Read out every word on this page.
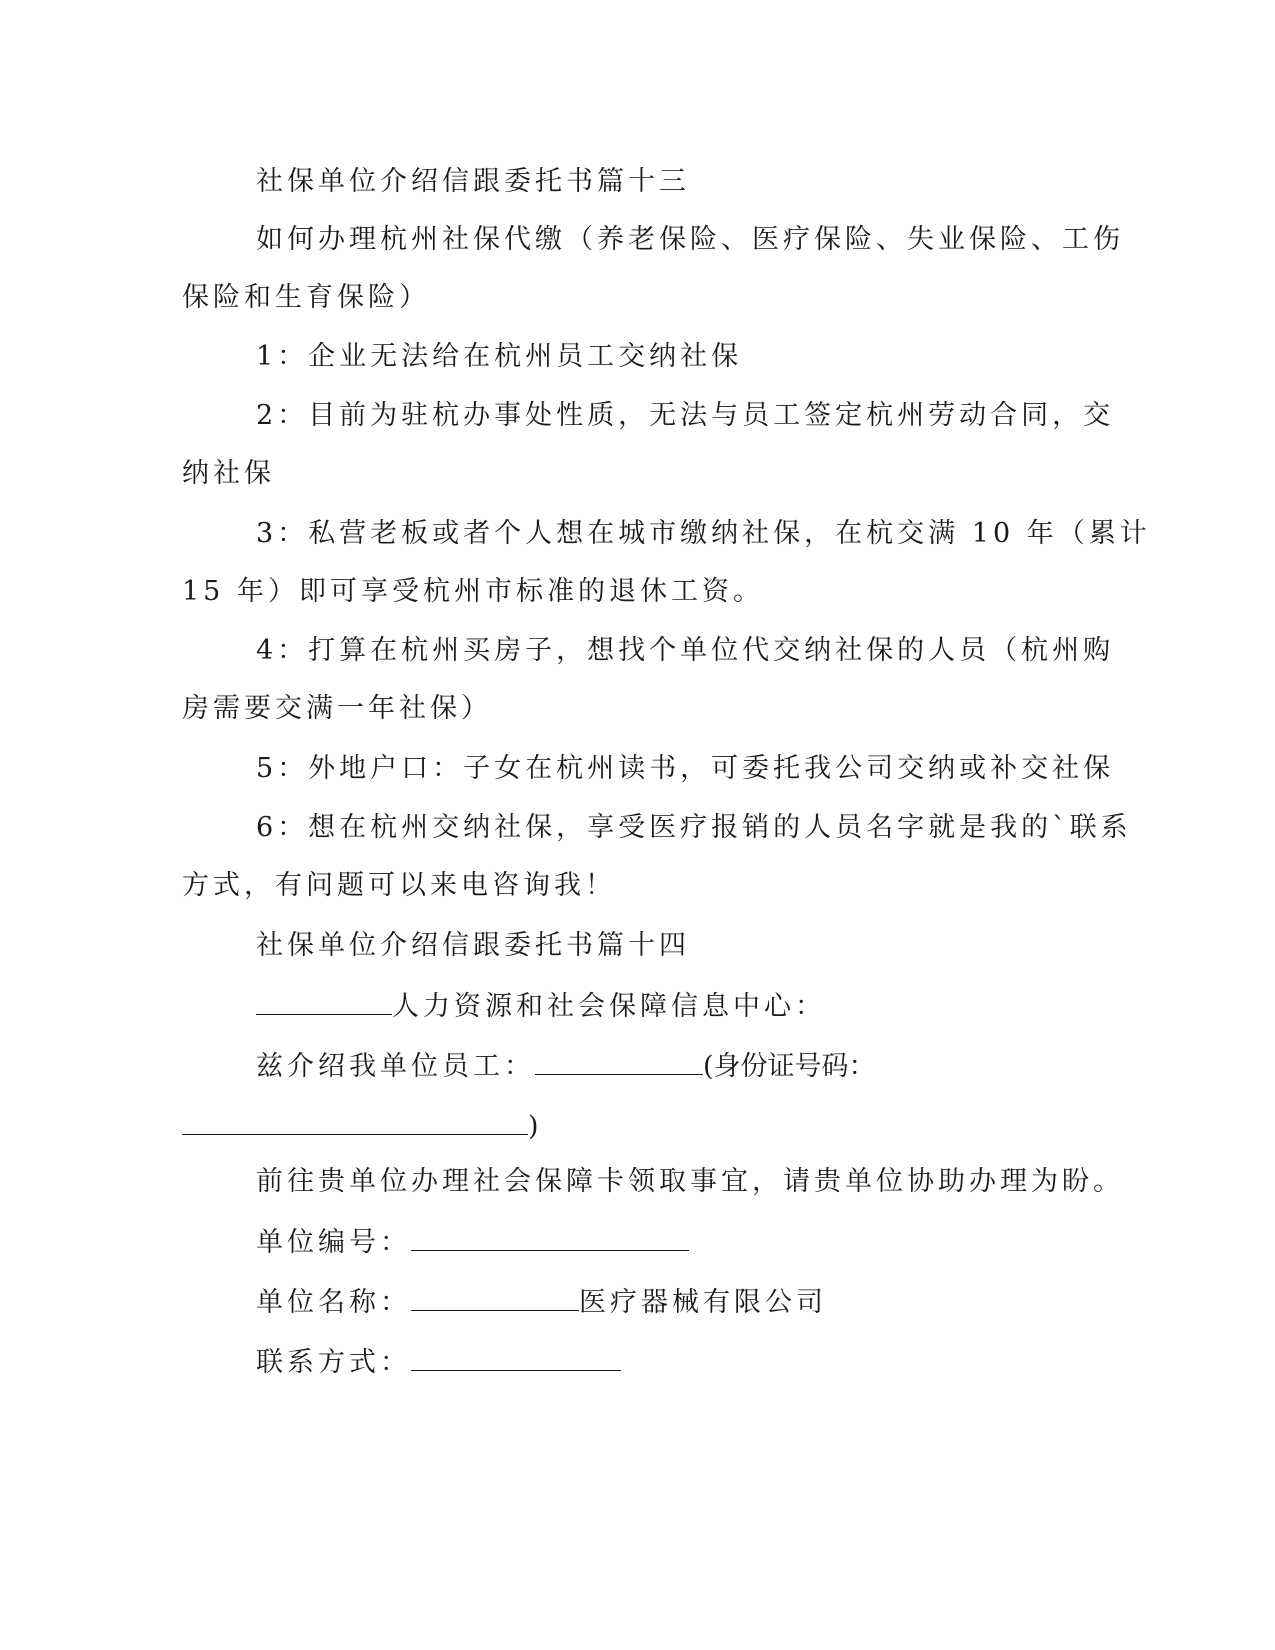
社保单位介绍信跟委托书篇十三
如何办理杭州社保代缴（养老保险、医疗保险、失业保险、工伤
保险和生育保险）
1：企业无法给在杭州员工交纳社保
2：目前为驻杭办事处性质，无法与员工签定杭州劳动合同，交
纳社保
3：私营老板或者个人想在城市缴纳社保，在杭交满 10 年（累计
15 年）即可享受杭州市标准的退休工资。
4：打算在杭州买房子，想找个单位代交纳社保的人员（杭州购
房需要交满一年社保）
5：外地户口：子女在杭州读书，可委托我公司交纳或补交社保
6：想在杭州交纳社保，享受医疗报销的人员名字就是我的`联系
方式，有问题可以来电咨询我！
社保单位介绍信跟委托书篇十四
人力资源和社会保障信息中心：
兹介绍我单位员工：	(身份证号码：
)
前往贵单位办理社会保障卡领取事宜，请贵单位协助办理为盼。
单位编号：
单位名称：	医疗器械有限公司
联系方式：
